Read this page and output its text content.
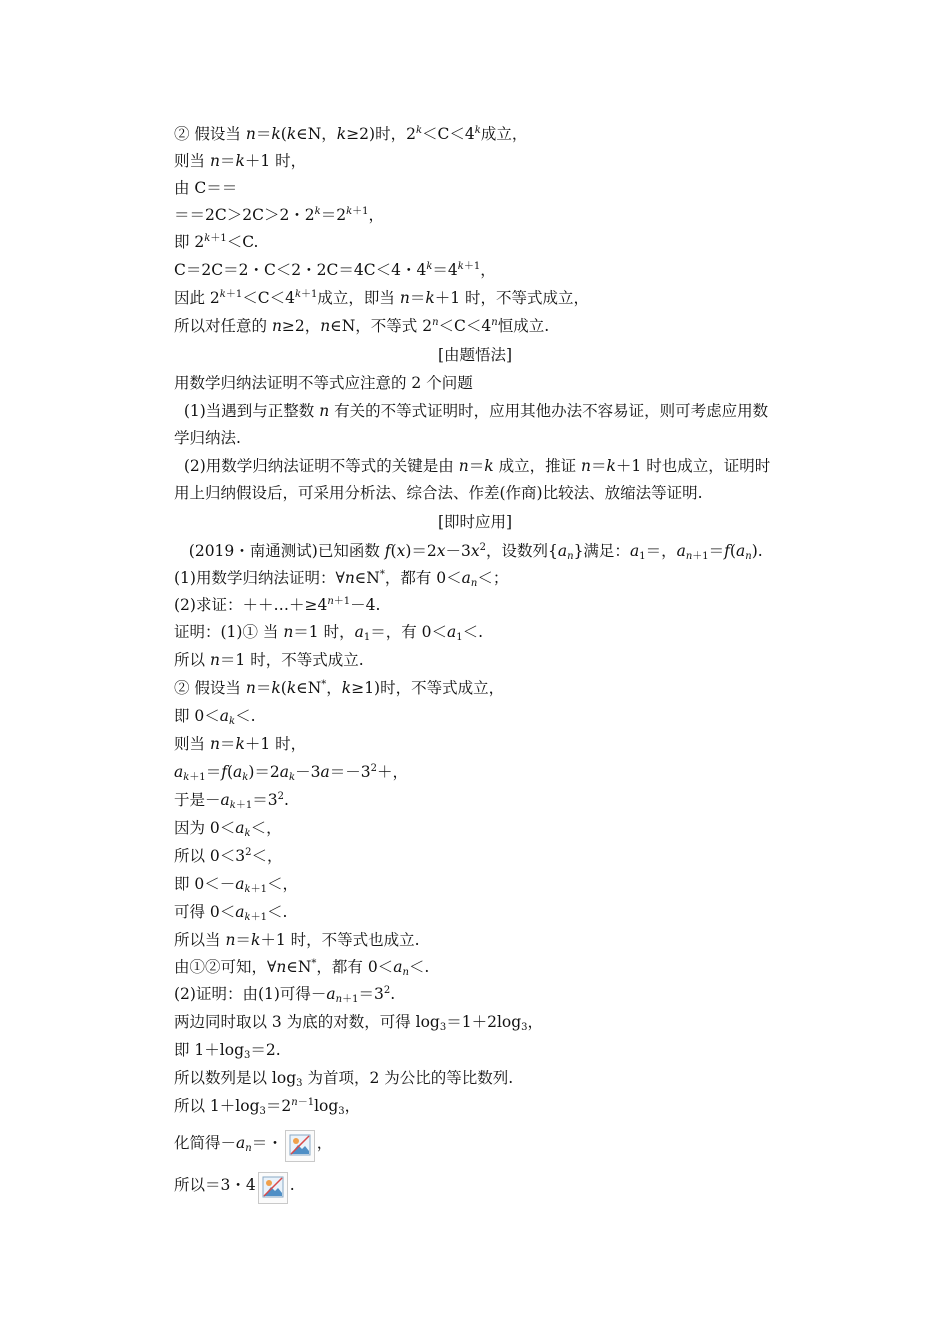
② 假设当 n＝k(k∈N，k≥2)时，$2^k<C<4^k$成立，
则当 n＝k＋1 时，
由 C＝＝
＝＝2C＞2C＞2・$2^k=2^{k+1}$，
即 $2^{k+1}<C$.
C＝2C＝2・C＜2・2C＝4C＜4・$4^k=4^{k+1}$，
因此 $2^{k+1}<C<4^{k+1}$成立，即当 n＝k＋1 时，不等式成立，
所以对任意的 n≥2，n∈N，不等式 $2^n<C<4^n$恒成立.
[由题悟法]
用数学归纳法证明不等式应注意的 2 个问题
(1)当遇到与正整数 n 有关的不等式证明时，应用其他办法不容易证，则可考虑应用数
学归纳法.
(2)用数学归纳法证明不等式的关键是由 n＝k 成立，推证 n＝k＋1 时也成立，证明时
用上归纳假设后，可采用分析法、综合法、作差(作商)比较法、放缩法等证明.
[即时应用]
(2019・南通测试)已知函数 $f(x)=2x-3x^2$，设数列$\{a_n\}$满足：$a_1=$，$a_{n+1}=f(a_n)$.
(1)用数学归纳法证明：∀n∈N*，都有 $0<a_n<$；
(2)求证：$++\dots+\ge 4^{n+1}-4$.
证明：(1)① 当 n＝1 时，$a_1=$，有 $0<a_1<$.
所以 n＝1 时，不等式成立.
② 假设当 n＝k(k∈N*，k≥1)时，不等式成立，
即 $0<a_k<$.
则当 n＝k＋1 时，
$a_{k+1}=f(a_k)=2a_k-3a=-3^2+$，
于是$-a_{k+1}=3^2$.
因为 $0<a_k<$，
所以 $0<3^2<$，
即 $0<-a_{k+1}<$，
可得 $0<a_{k+1}<$.
所以当 n＝k＋1 时，不等式也成立.
由①②可知，∀n∈N*，都有 $0<a_n<$.
(2)证明：由(1)可得$-a_{n+1}=3^2$.
两边同时取以 3 为底的对数，可得 $\log_3=1+2\log_3$，
即 $1+\log_3=2$.
所以数列是以 $\log_3$ 为首项，2 为公比的等比数列.
所以 $1+\log_3=2^{n-1}\log_3$，
化简得$-a_n=$・ ，
所以＝3・4 .
